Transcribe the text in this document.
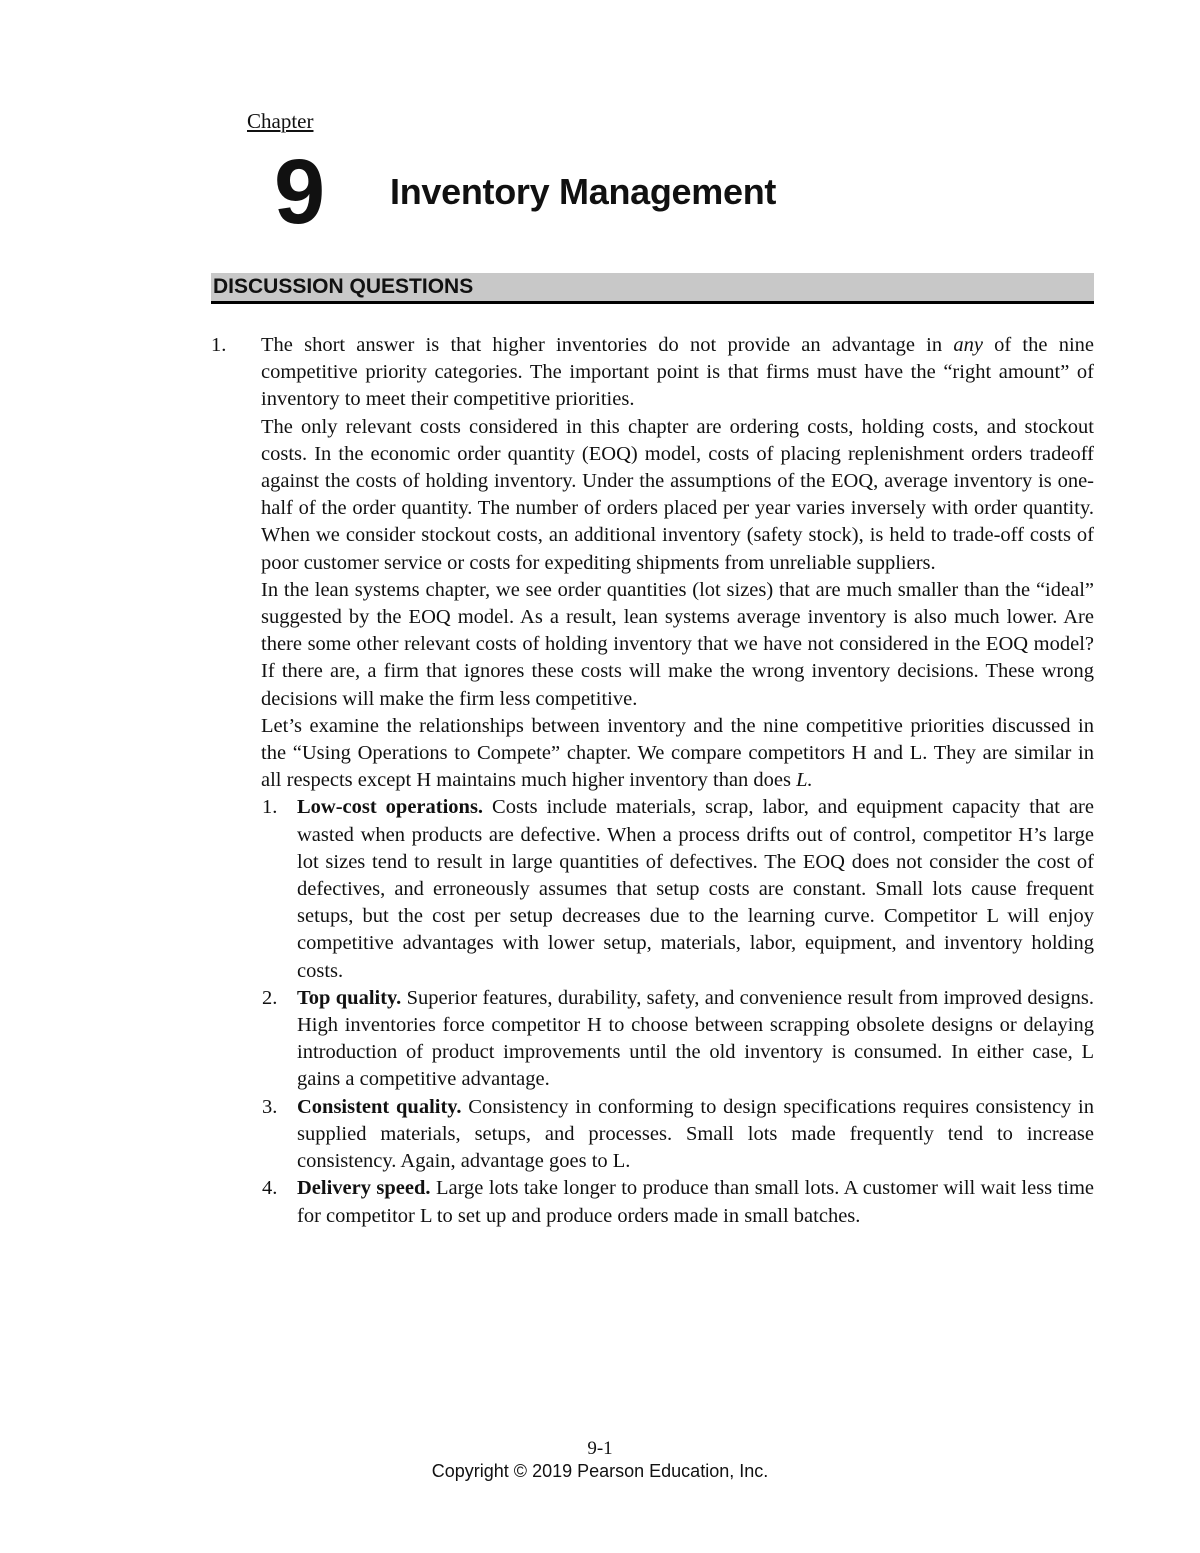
Chapter
9 Inventory Management
DISCUSSION QUESTIONS
1. The short answer is that higher inventories do not provide an advantage in any of the nine competitive priority categories. The important point is that firms must have the “right amount” of inventory to meet their competitive priorities.

The only relevant costs considered in this chapter are ordering costs, holding costs, and stockout costs. In the economic order quantity (EOQ) model, costs of placing replenishment orders tradeoff against the costs of holding inventory. Under the assumptions of the EOQ, average inventory is one-half of the order quantity. The number of orders placed per year varies inversely with order quantity. When we consider stockout costs, an additional inventory (safety stock), is held to trade-off costs of poor customer service or costs for expediting shipments from unreliable suppliers.

In the lean systems chapter, we see order quantities (lot sizes) that are much smaller than the “ideal” suggested by the EOQ model. As a result, lean systems average inventory is also much lower. Are there some other relevant costs of holding inventory that we have not considered in the EOQ model? If there are, a firm that ignores these costs will make the wrong inventory decisions. These wrong decisions will make the firm less competitive.

Let’s examine the relationships between inventory and the nine competitive priorities discussed in the “Using Operations to Compete” chapter. We compare competitors H and L. They are similar in all respects except H maintains much higher inventory than does L.

1. Low-cost operations. Costs include materials, scrap, labor, and equipment capacity that are wasted when products are defective. When a process drifts out of control, competitor H’s large lot sizes tend to result in large quantities of defectives. The EOQ does not consider the cost of defectives, and erroneously assumes that setup costs are constant. Small lots cause frequent setups, but the cost per setup decreases due to the learning curve. Competitor L will enjoy competitive advantages with lower setup, materials, labor, equipment, and inventory holding costs.
2. Top quality. Superior features, durability, safety, and convenience result from improved designs. High inventories force competitor H to choose between scrapping obsolete designs or delaying introduction of product improvements until the old inventory is consumed. In either case, L gains a competitive advantage.
3. Consistent quality. Consistency in conforming to design specifications requires consistency in supplied materials, setups, and processes. Small lots made frequently tend to increase consistency. Again, advantage goes to L.
4. Delivery speed. Large lots take longer to produce than small lots. A customer will wait less time for competitor L to set up and produce orders made in small batches.
9-1
Copyright © 2019 Pearson Education, Inc.
